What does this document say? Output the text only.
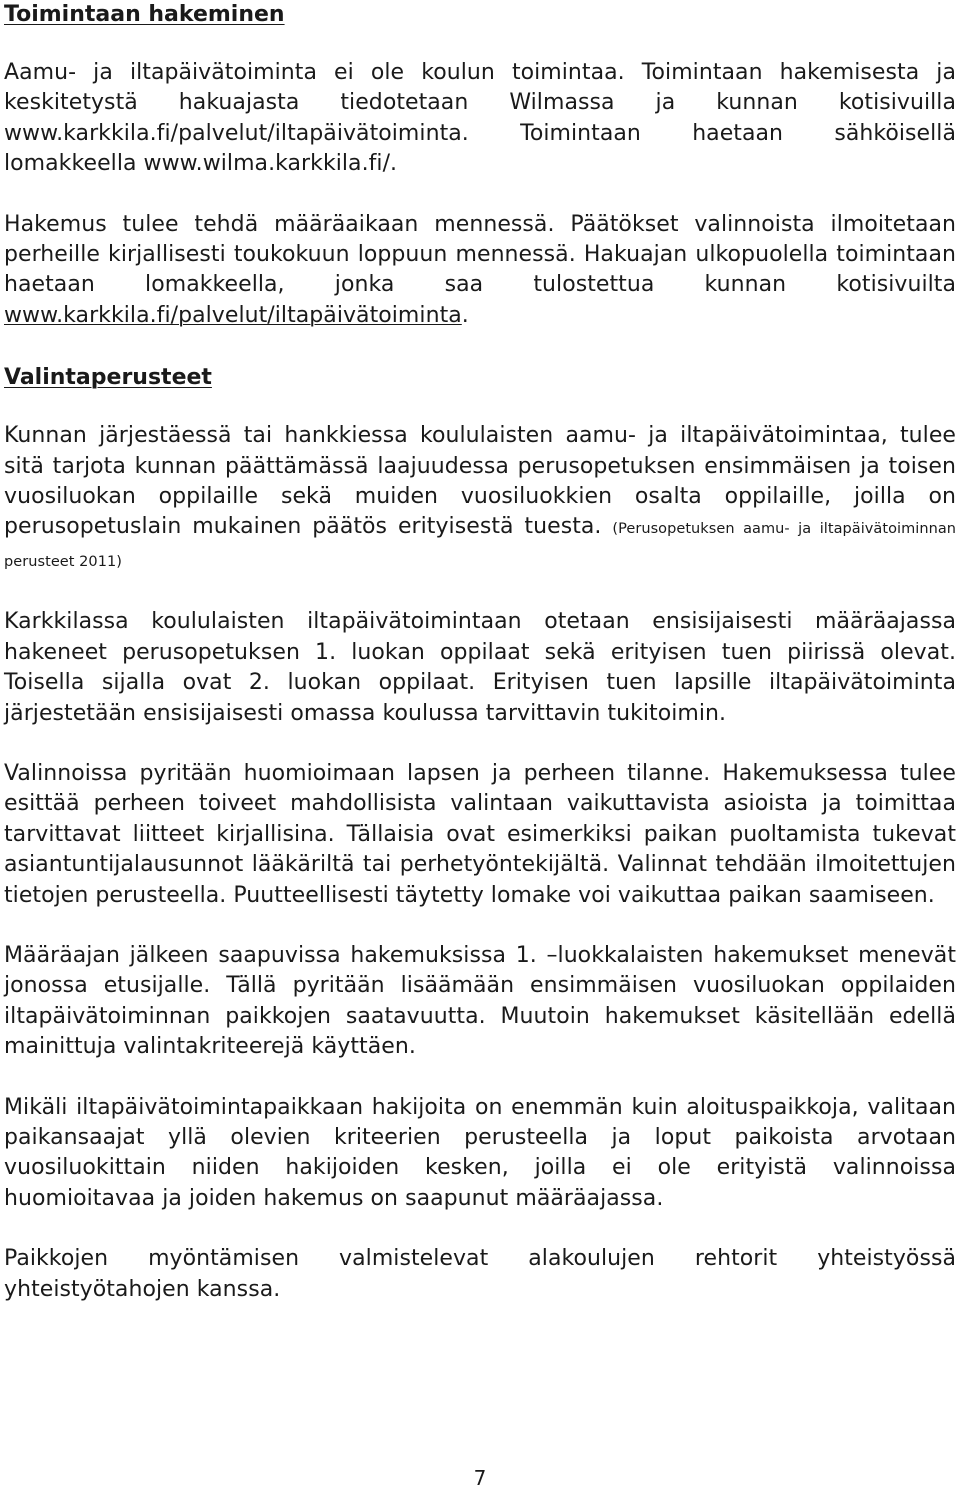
Toimintaan hakeminen

Aamu- ja iltapäivätoiminta ei ole koulun toimintaa. Toimintaan hakemisesta ja keskitetystä hakuajasta tiedotetaan Wilmassa ja kunnan kotisivuilla www.karkkila.fi/palvelut/iltapäivätoiminta. Toimintaan haetaan sähköisellä lomakkeella www.wilma.karkkila.fi/.

Hakemus tulee tehdä määräaikaan mennessä. Päätökset valinnoista ilmoitetaan perheille kirjallisesti toukokuun loppuun mennessä. Hakuajan ulkopuolella toimintaan haetaan lomakkeella, jonka saa tulostettua kunnan kotisivuilta www.karkkila.fi/palvelut/iltapäivätoiminta.

Valintaperusteet

Kunnan järjestäessä tai hankkiessa koululaisten aamu- ja iltapäivätoimintaa, tulee sitä tarjota kunnan päättämässä laajuudessa perusopetuksen ensimmäisen ja toisen vuosiluokan oppilaille sekä muiden vuosiluokkien osalta oppilaille, joilla on perusopetuslain mukainen päätös erityisestä tuesta. (Perusopetuksen aamu- ja iltapäivätoiminnan perusteet 2011)

Karkkilassa koululaisten iltapäivätoimintaan otetaan ensisijaisesti määräajassa hakeneet perusopetuksen 1. luokan oppilaat sekä erityisen tuen piirissä olevat. Toisella sijalla ovat 2. luokan oppilaat. Erityisen tuen lapsille iltapäivätoiminta järjestetään ensisijaisesti omassa koulussa tarvittavin tukitoimin.

Valinnoissa pyritään huomioimaan lapsen ja perheen tilanne. Hakemuksessa tulee esittää perheen toiveet mahdollisista valintaan vaikuttavista asioista ja toimittaa tarvittavat liitteet kirjallisina. Tällaisia ovat esimerkiksi paikan puoltamista tukevat asiantuntijalausunnot lääkäriltä tai perhetyöntekijältä. Valinnat tehdään ilmoitettujen tietojen perusteella. Puutteellisesti täytetty lomake voi vaikuttaa paikan saamiseen.

Määräajan jälkeen saapuvissa hakemuksissa 1. –luokkalaisten hakemukset menevät jonossa etusijalle. Tällä pyritään lisäämään ensimmäisen vuosiluokan oppilaiden iltapäivätoiminnan paikkojen saatavuutta. Muutoin hakemukset käsitellään edellä mainittuja valintakriteerejä käyttäen.

Mikäli iltapäivätoimintapaikkaan hakijoita on enemmän kuin aloituspaikkoja, valitaan paikansaajat yllä olevien kriteerien perusteella ja loput paikoista arvotaan vuosiluokittain niiden hakijoiden kesken, joilla ei ole erityistä valinnoissa huomioitavaa ja joiden hakemus on saapunut määräajassa.

Paikkojen myöntämisen valmistelevat alakoulujen rehtorit yhteistyössä yhteistyötahojen kanssa.

7
